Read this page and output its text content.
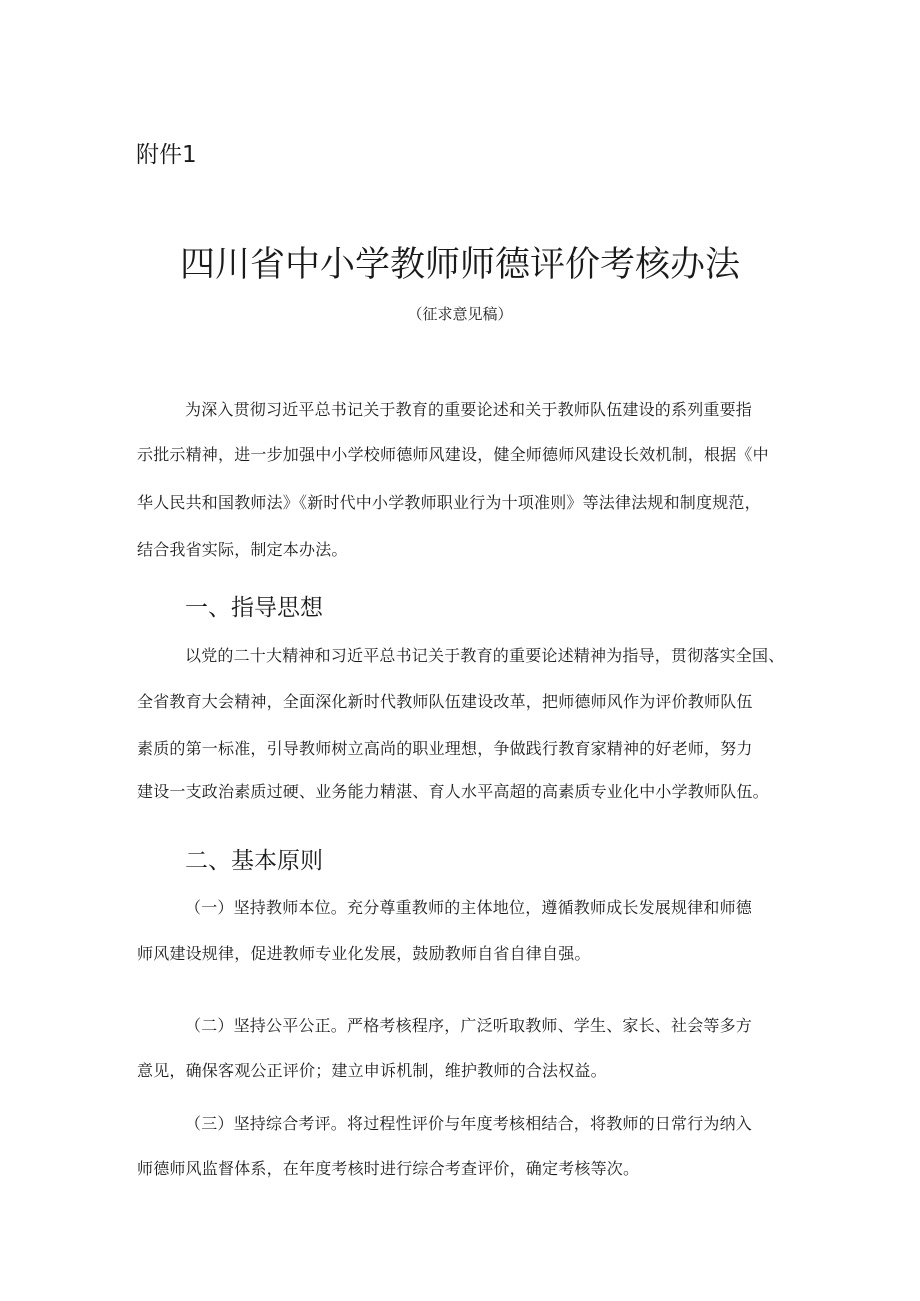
附件1
四川省中小学教师师德评价考核办法
（征求意见稿）
为深入贯彻习近平总书记关于教育的重要论述和关于教师队伍建设的系列重要指
示批示精神，进一步加强中小学校师德师风建设，健全师德师风建设长效机制，根据《中
华人民共和国教师法》《新时代中小学教师职业行为十项准则》等法律法规和制度规范，
结合我省实际，制定本办法。
一、指导思想
以党的二十大精神和习近平总书记关于教育的重要论述精神为指导，贯彻落实全国、
全省教育大会精神，全面深化新时代教师队伍建设改革，把师德师风作为评价教师队伍
素质的第一标准，引导教师树立高尚的职业理想，争做践行教育家精神的好老师，努力
建设一支政治素质过硬、业务能力精湛、育人水平高超的高素质专业化中小学教师队伍。
二、基本原则
（一）坚持教师本位。充分尊重教师的主体地位，遵循教师成长发展规律和师德
师风建设规律，促进教师专业化发展，鼓励教师自省自律自强。
（二）坚持公平公正。严格考核程序，广泛听取教师、学生、家长、社会等多方
意见，确保客观公正评价；建立申诉机制，维护教师的合法权益。
（三）坚持综合考评。将过程性评价与年度考核相结合，将教师的日常行为纳入
师德师风监督体系，在年度考核时进行综合考查评价，确定考核等次。
